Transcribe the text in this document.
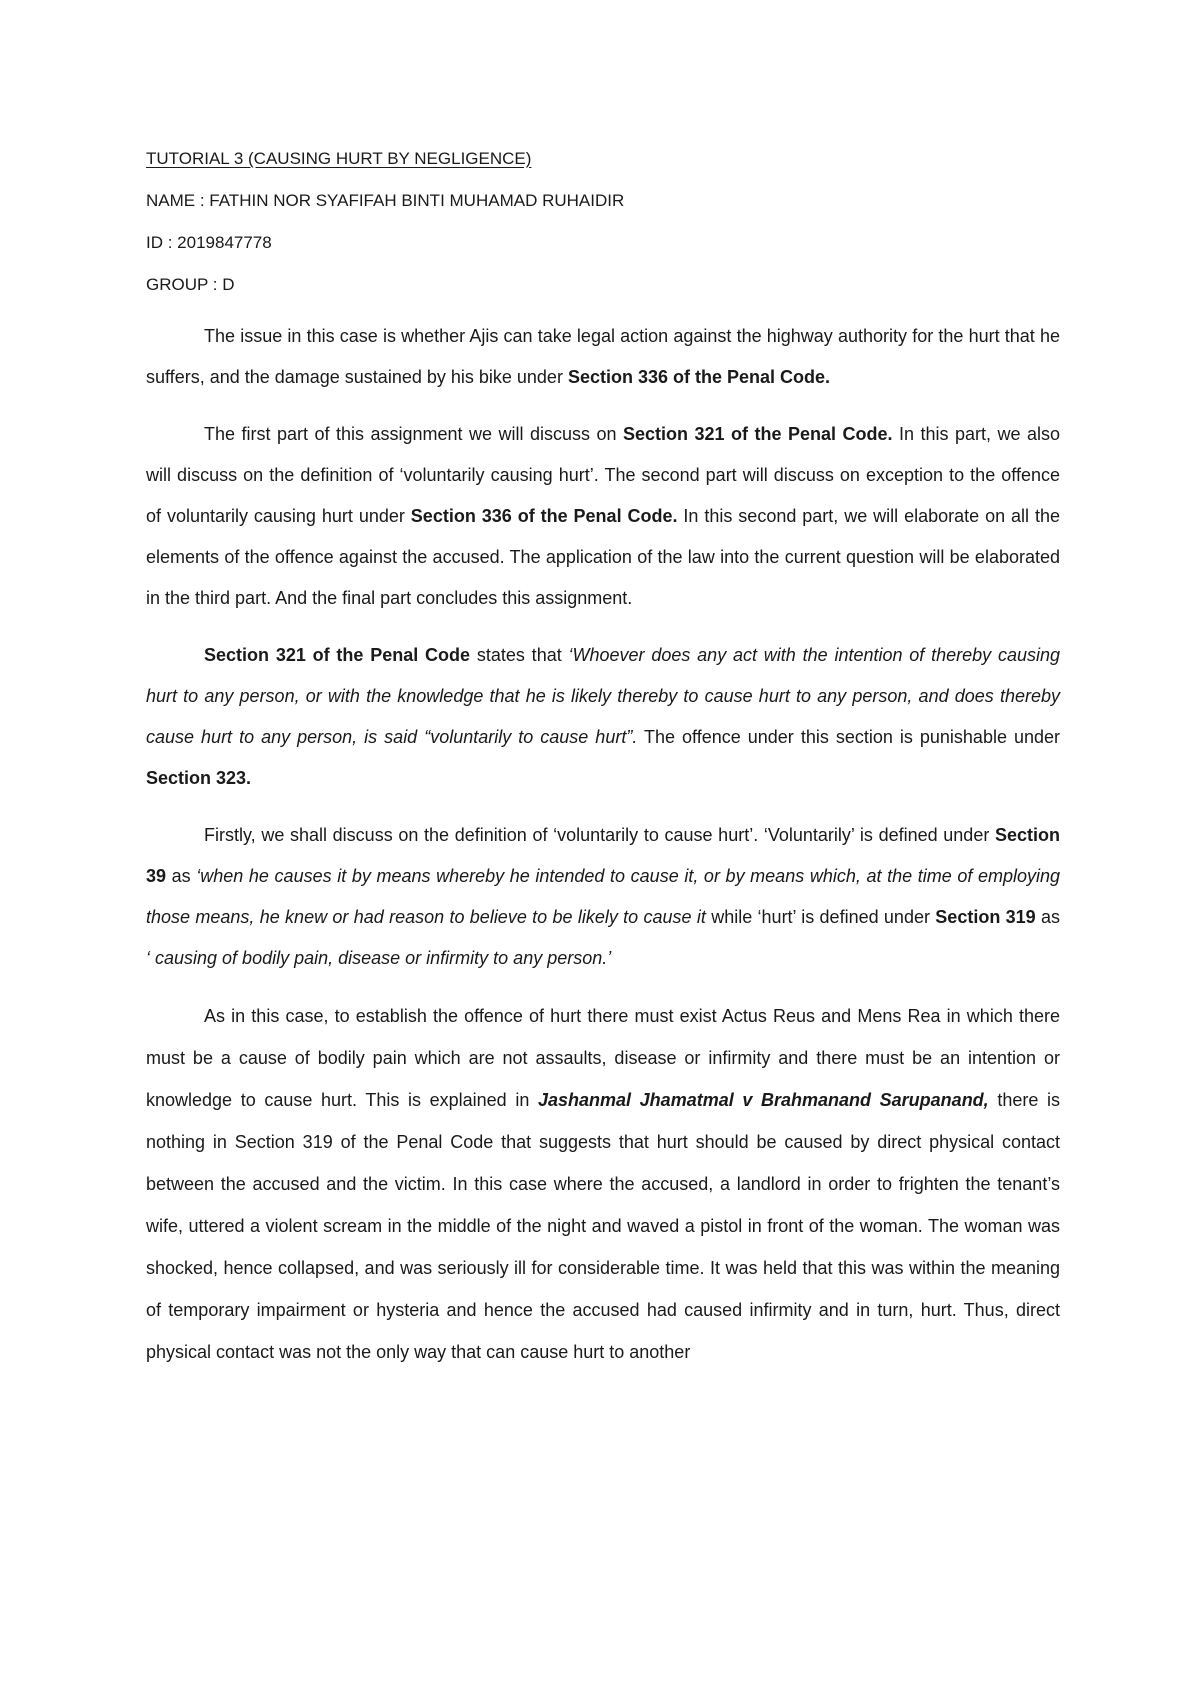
TUTORIAL 3 (CAUSING HURT BY NEGLIGENCE)
NAME : FATHIN NOR SYAFIFAH BINTI MUHAMAD RUHAIDIR
ID : 2019847778
GROUP : D

The issue in this case is whether Ajis can take legal action against the highway authority for the hurt that he suffers, and the damage sustained by his bike under Section 336 of the Penal Code.

The first part of this assignment we will discuss on Section 321 of the Penal Code. In this part, we also will discuss on the definition of ‘voluntarily causing hurt’. The second part will discuss on exception to the offence of voluntarily causing hurt under Section 336 of the Penal Code. In this second part, we will elaborate on all the elements of the offence against the accused. The application of the law into the current question will be elaborated in the third part. And the final part concludes this assignment.

Section 321 of the Penal Code states that ‘Whoever does any act with the intention of thereby causing hurt to any person, or with the knowledge that he is likely thereby to cause hurt to any person, and does thereby cause hurt to any person, is said “voluntarily to cause hurt”. The offence under this section is punishable under Section 323.

Firstly, we shall discuss on the definition of ‘voluntarily to cause hurt’. ‘Voluntarily’ is defined under Section 39 as ‘when he causes it by means whereby he intended to cause it, or by means which, at the time of employing those means, he knew or had reason to believe to be likely to cause it while ‘hurt’ is defined under Section 319 as ‘ causing of bodily pain, disease or infirmity to any person.’

As in this case, to establish the offence of hurt there must exist Actus Reus and Mens Rea in which there must be a cause of bodily pain which are not assaults, disease or infirmity and there must be an intention or knowledge to cause hurt. This is explained in Jashanmal Jhamatmal v Brahmanand Sarupanand, there is nothing in Section 319 of the Penal Code that suggests that hurt should be caused by direct physical contact between the accused and the victim. In this case where the accused, a landlord in order to frighten the tenant’s wife, uttered a violent scream in the middle of the night and waved a pistol in front of the woman. The woman was shocked, hence collapsed, and was seriously ill for considerable time. It was held that this was within the meaning of temporary impairment or hysteria and hence the accused had caused infirmity and in turn, hurt. Thus, direct physical contact was not the only way that can cause hurt to another
